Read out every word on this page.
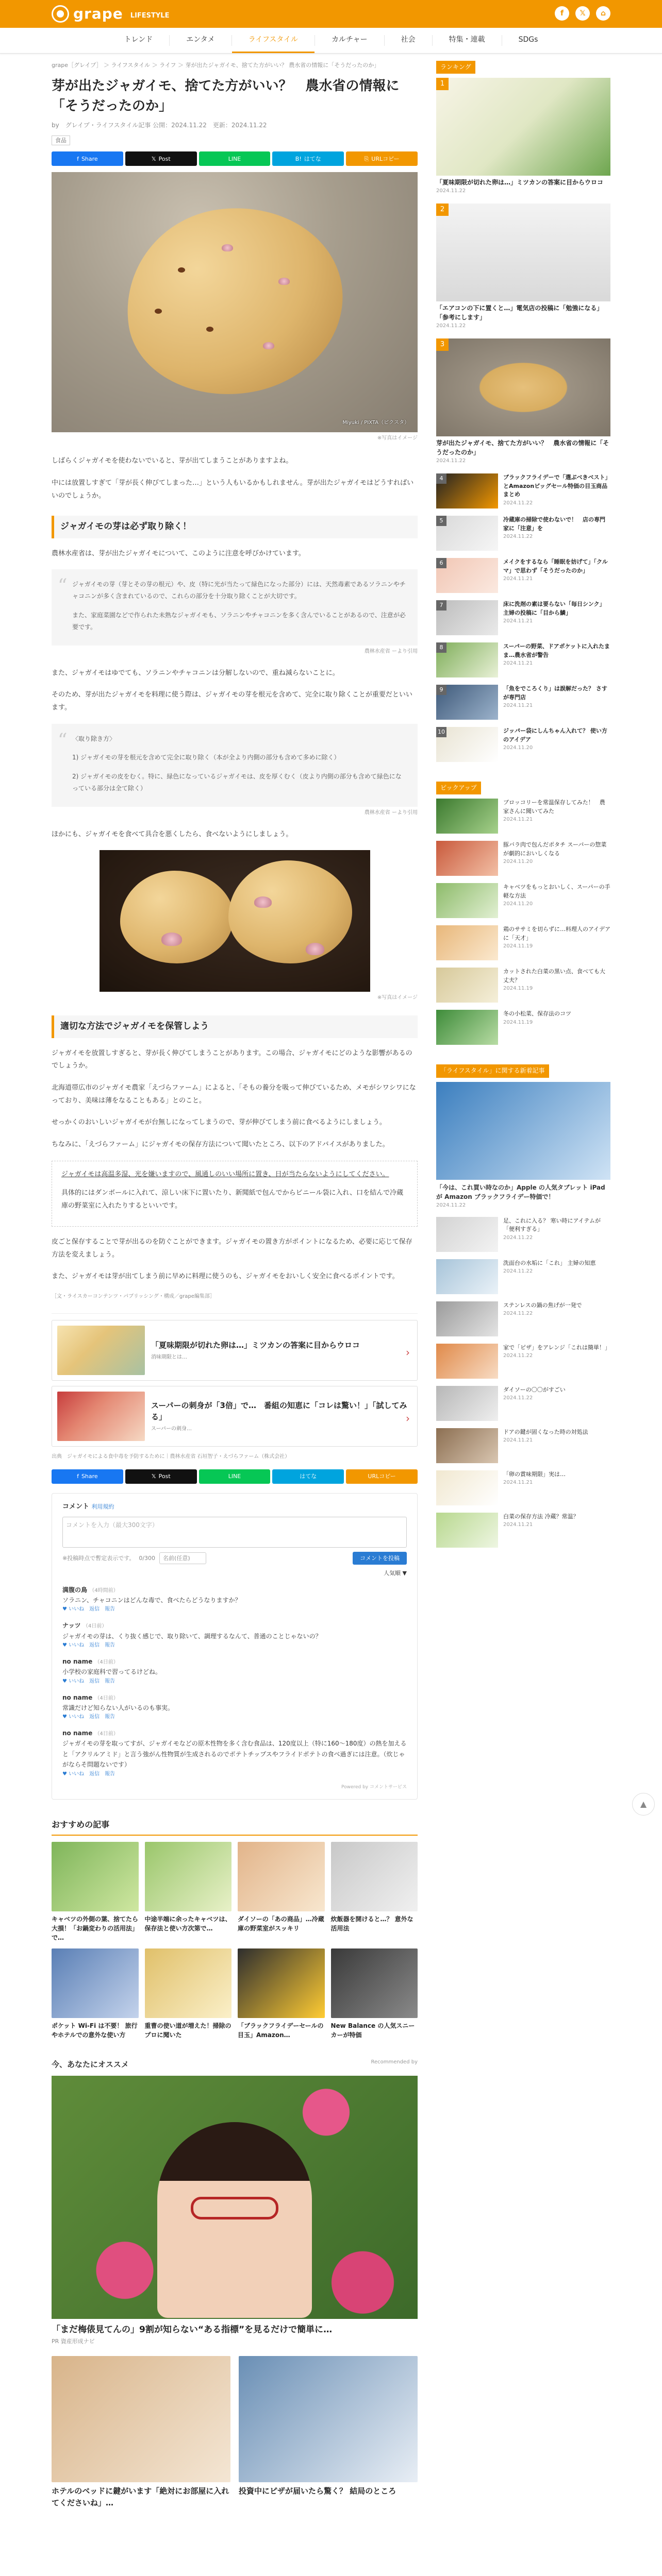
grape LIFESTYLE	f	𝕏	⌂
トレンド	エンタメ	ライフスタイル	カルチャー	社会	特集・連載	SDGs
grape［グレイプ］ ＞ ライフスタイル ＞ ライフ ＞ 芽が出たジャガイモ、捨てた方がいい？ 農水省の情報に「そうだったのか」
芽が出たジャガイモ、捨てた方がいい？　農水省の情報に「そうだったのか」
by　グレイプ・ライフスタイル記事 公開：2024.11.22　更新：2024.11.22
食品
f Share	𝕏 Post	LINE	B! はてな	⎘ URLコピー
Miyuki / PIXTA（ピクスタ）
※写真はイメージ

しばらくジャガイモを使わないでいると、芽が出てしまうことがありますよね。

中には放置しすぎて「芽が長く伸びてしまった…」という人もいるかもしれません。芽が出たジャガイモはどうすればいいのでしょうか。

ジャガイモの芽は必ず取り除く！

農林水産省は、芽が出たジャガイモについて、このように注意を呼びかけています。

“ ジャガイモの芽（芽とその芽の根元）や、皮（特に光が当たって緑色になった部分）には、天然毒素であるソラニンやチャコニンが多く含まれているので、これらの部分を十分取り除くことが大切です。

また、家庭菜園などで作られた未熟なジャガイモも、ソラニンやチャコニンを多く含んでいることがあるので、注意が必要です。

農林水産省 ーより引用

また、ジャガイモはゆでても、ソラニンやチャコニンは分解しないので、重ね減らないことに。

そのため、芽が出たジャガイモを料理に使う際は、ジャガイモの芽を根元を含めて、完全に取り除くことが重要だといいます。

“ 〈取り除き方〉

1) ジャガイモの芽を根元を含めて完全に取り除く（本が全より内側の部分も含めて多めに除く）

2) ジャガイモの皮をむく。特に、緑色になっているジャガイモは、皮を厚くむく（皮より内側の部分も含めて緑色になっている部分は全て除く）

農林水産省 ーより引用

ほかにも、ジャガイモを食べて具合を悪くしたら、食べないようにしましょう。

※写真はイメージ
適切な方法でジャガイモを保管しよう

ジャガイモを放置しすぎると、芽が長く伸びてしまうことがあります。この場合、ジャガイモにどのような影響があるのでしょうか。

北海道帯広市のジャガイモ農家「えづらファーム」によると、「そもの養分を吸って伸びているため、メモがシワシワになっており、美味は薄をなることもある」とのこと。

せっかくのおいしいジャガイモが台無しになってしまうので、芽が伸びてしまう前に食べるようにしましょう。

ちなみに、「えづらファーム」にジャガイモの保存方法について聞いたところ、以下のアドバイスがありました。

ジャガイモは高温多湿、光を嫌いますので、風通しのいい場所に置き、日が当たらないようにしてください。

具体的にはダンボールに入れて、涼しい床下に置いたり、新聞紙で包んでからビニール袋に入れ、口を結んで冷蔵庫の野菜室に入れたりするといいです。

皮ごと保存することで芽が出るのを防ぐことができます。ジャガイモの置き方がポイントになるため、必要に応じて保存方法を変えましょう。

また、ジャガイモは芽が出てしまう前に早めに料理に使うのも、ジャガイモをおいしく安全に食べるポイントです。

［文・ライスカーコンテンツ・パブリッシング・構成／grape編集部］
「夏味期限が切れた卵は…」ミツカンの答案に目からウロコ
消味期限とは…	›
スーパーの刺身が「3倍」で…　番組の知恵に「コレは驚い！」「試してみる」
スーパーの刺身…
›
出典　ジャガイモによる食中毒を予防するために｜農林水産省 石垣智子・えづらファーム（株式会社）
f Share	𝕏 Post	LINE	はてな	URLコピー
コメント 利用規約
コメントを入力（最大300文字）
※投稿時点で暫定表示です。 0/300	名前(任意)	コメントを投稿
人気順 ▼
満腹の鳥 （4時間前）
ソラニン、チャコニンはどんな毒で、食べたらどうなりますか？
♥ いいね　返信　報告
ナッツ （4日前）
ジャガイモの芽は、くり抜く感じで、取り除いて、調理するなんて、普通のことじゃないの？
♥ いいね　返信　報告
no name （4日前）
小学校の家庭科で習ってるけどね。
♥ いいね　返信　報告
no name （4日前）
常識だけど知らない人がいるのも事実。
♥ いいね　返信　報告
no name （4日前）
ジャガイモの芽を取ってすが、ジャガイモなどの原木性物を多く含む食品は、120度以上（特に160〜180度）の熱を加えると「アクリルアミド」と言う強がん性物質が生成されるのでポテトチップスやフライドポテトの食べ過ぎには注意。（炊じゃがならそ問題ないです）
♥ いいね　返信　報告
Powered by コメントサービス
おすすめの記事
キャベツの外側の葉、捨てたら大損！「お鍋変わりの活用法」で…
中途半端に余ったキャベツは、保存法と使い方次第で…
ダイソーの「あの商品」…冷蔵庫の野菜室がスッキリ
炊飯器を開けると…？ 意外な活用法
ポケット Wi-Fi は不要！ 旅行やホテルでの意外な使い方
重曹の使い道が増えた！掃除のプロに聞いた
「ブラックフライデーセールの目玉」Amazon…
New Balance の人気スニーカーが特価
今、あなたにオススメ	Recommended by
「まだ梅俵見てんの」9割が知らない“ある指標”を見るだけで簡単に…
PR 資産形成ナビ
ホテルのベッドに鍵がいます「絶対にお部屋に入れてくださいね」…
投資中にピザが届いたら驚く？ 結局のところ
ランキング
1
「夏味期限が切れた卵は…」ミツカンの答案に目からウロコ
2024.11.22
2
「エアコンの下に置くと…」電気店の投稿に「勉強になる」「参考にします」
2024.11.22
3
芽が出たジャガイモ、捨てた方がいい？　農水省の情報に「そうだったのか」
2024.11.22
4	ブラックフライデーで「選ぶべきベスト」とAmazonビッグセール特価の目玉商品まとめ
2024.11.22
5	冷蔵庫の掃除で使わないで！　店の専門家に「注意」を
2024.11.22
6	メイクをするなら「睡眠を妨げて」「クルマ」で思わず「そうだったのか」
2024.11.21
7	床に洗剤の素は要らない「毎日シンク」主婦の投稿に「目から鱗」
2024.11.21
8	スーパーの野菜、ドアポケットに入れたまま…農水省が警告
2024.11.21
9	「魚をでころくり」は誤解だった？ さすが専門店
2024.11.21
10	ジッパー袋にしんちゃん入れて？ 使い方のアイデア
2024.11.20
ピックアップ
ブロッコリーを常温保存してみた！　農家さんに聞いてみた
2024.11.21
豚バラ肉で包んだポタチ スーパーの惣菜が劇的においしくなる
2024.11.20
キャベツをもっとおいしく、スーパーの手軽な方法
2024.11.20
鶏のササミを切らずに…料理人のアイデアに「天才」
2024.11.19
カットされた白菜の黒い点、食べても大丈夫？
2024.11.19
冬の小松菜、保存法のコツ
2024.11.19
「ライフスタイル」に関する新着記事
「今は、これ買い時なのか」Apple の人気タブレット iPad が Amazon ブラックフライデー特価で！
2024.11.22
足、これに入る？ 寒い時にアイテムが「便利すぎる」
2024.11.22
洗面台の水垢に「これ」 主婦の知恵
2024.11.22
ステンレスの鍋の焦げが一発で
2024.11.22
家で「ピザ」をアレンジ「これは簡単！」
2024.11.22
ダイソーの〇〇がすごい
2024.11.22
ドアの鍵が固くなった時の対処法
2024.11.21
「卵の賞味期限」実は…
2024.11.21
白菜の保存方法 冷蔵？常温？
2024.11.21
▲
